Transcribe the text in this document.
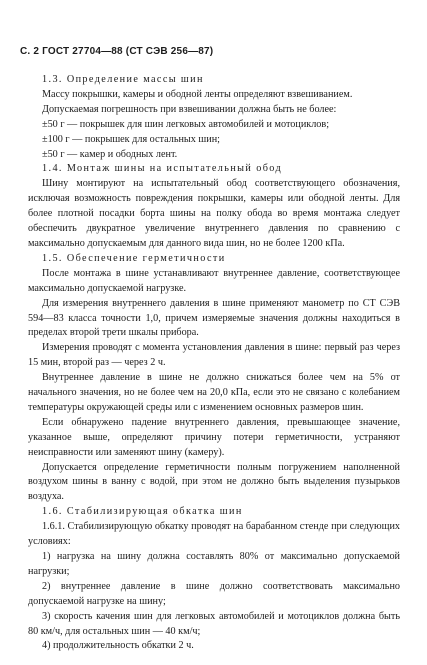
С. 2 ГОСТ 27704—88 (СТ СЭВ 256—87)

1.3. Определение массы шин

Массу покрышки, камеры и ободной ленты определяют взвешиванием.

Допускаемая погрешность при взвешивании должна быть не более:

±50 г — покрышек для шин легковых автомобилей и мотоциклов;

±100 г — покрышек для остальных шин;

±50 г — камер и ободных лент.

1.4. Монтаж шины на испытательный обод

Шину монтируют на испытательный обод соответствующего обозначения, исключая возможность повреждения покрышки, камеры или ободной ленты. Для более плотной посадки борта шины на полку обода во время монтажа следует обеспечить двукратное увеличение внутреннего давления по сравнению с максимально допускаемым для данного вида шин, но не более 1200 кПа.

1.5. Обеспечение герметичности

После монтажа в шине устанавливают внутреннее давление, соответствующее максимально допускаемой нагрузке.

Для измерения внутреннего давления в шине применяют манометр по СТ СЭВ 594—83 класса точности 1,0, причем измеряемые значения должны находиться в пределах второй трети шкалы прибора.

Измерения проводят с момента установления давления в шине: первый раз через 15 мин, второй раз — через 2 ч.

Внутреннее давление в шине не должно снижаться более чем на 5% от начального значения, но не более чем на 20,0 кПа, если это не связано с колебанием температуры окружающей среды или с изменением основных размеров шин.

Если обнаружено падение внутреннего давления, превышающее значение, указанное выше, определяют причину потери герметичности, устраняют неисправности или заменяют шину (камеру).

Допускается определение герметичности полным погружением наполненной воздухом шины в ванну с водой, при этом не должно быть выделения пузырьков воздуха.

1.6. Стабилизирующая обкатка шин

1.6.1. Стабилизирующую обкатку проводят на барабанном стенде при следующих условиях:

1) нагрузка на шину должна составлять 80% от максимально допускаемой нагрузки;

2) внутреннее давление в шине должно соответствовать максимально допускаемой нагрузке на шину;

3) скорость качения шин для легковых автомобилей и мотоциклов должна быть 80 км/ч, для остальных шин — 40 км/ч;

4) продолжительность обкатки 2 ч.
